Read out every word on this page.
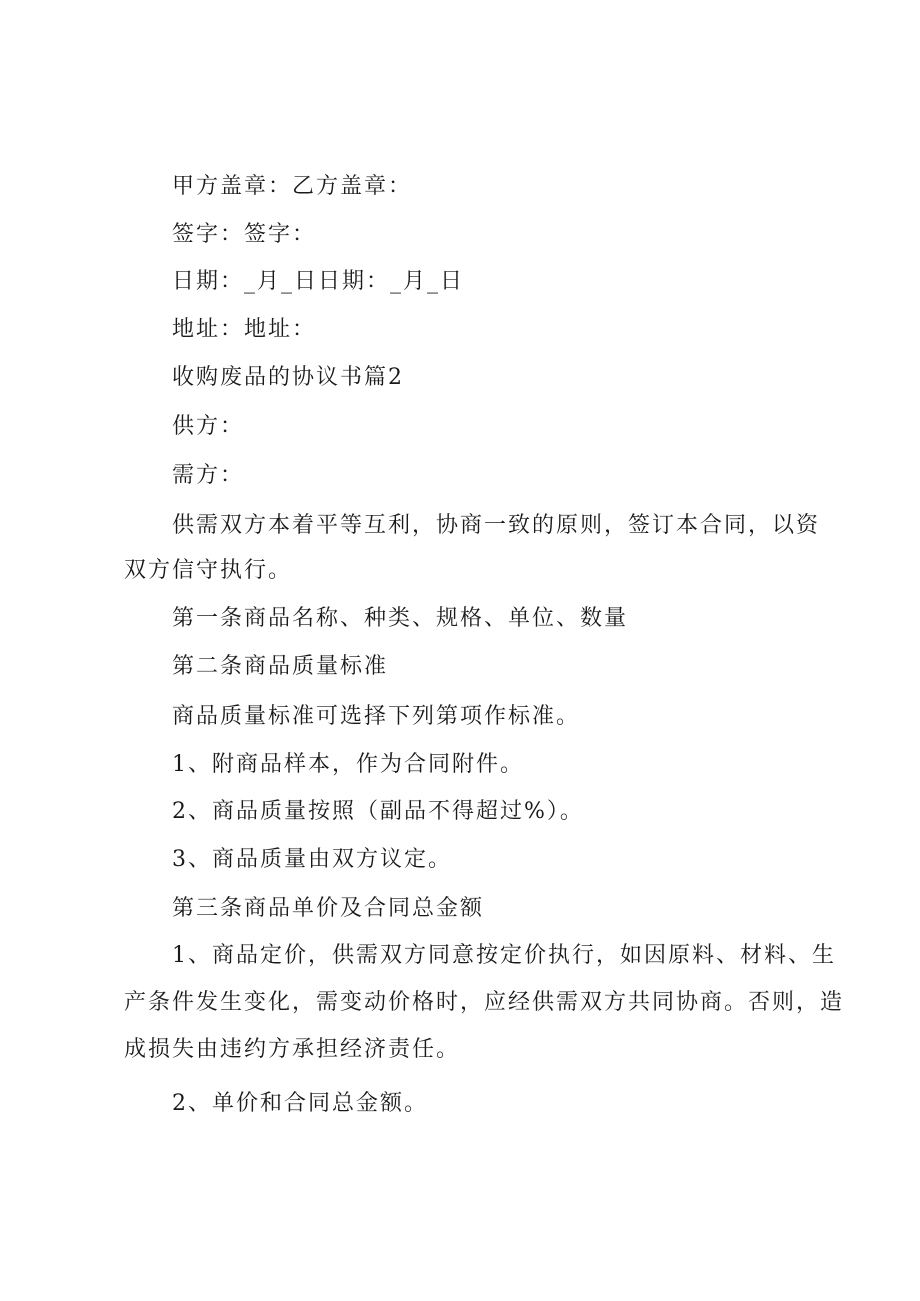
甲方盖章：乙方盖章：

签字：签字：

日期：_月_日日期：_月_日

地址：地址：

收购废品的协议书篇2

供方：

需方：

供需双方本着平等互利，协商一致的原则，签订本合同，以资

双方信守执行。

第一条商品名称、种类、规格、单位、数量

第二条商品质量标准

商品质量标准可选择下列第项作标准。

1、附商品样本，作为合同附件。

2、商品质量按照（副品不得超过%）。

3、商品质量由双方议定。

第三条商品单价及合同总金额

1、商品定价，供需双方同意按定价执行，如因原料、材料、生

产条件发生变化，需变动价格时，应经供需双方共同协商。否则，造

成损失由违约方承担经济责任。

2、单价和合同总金额。
